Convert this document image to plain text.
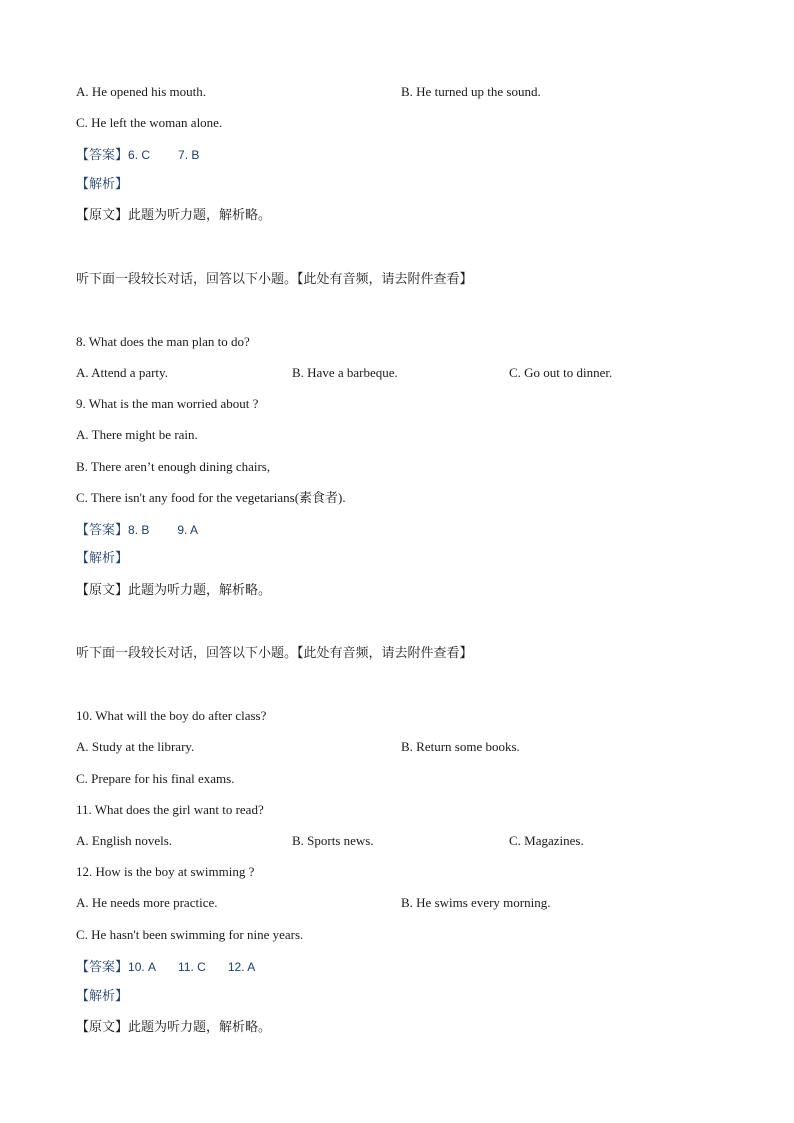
A. He opened his mouth.	B. He turned up the sound.
C. He left the woman alone.
【答案】6. C 7. B
【解析】
【原文】此题为听力题，解析略。
听下面一段较长对话，回答以下小题。【此处有音频，请去附件查看】
8. What does the man plan to do?
A. Attend a party.	B. Have a barbeque.	C. Go out to dinner.
9. What is the man worried about ?
A. There might be rain.
B. There aren’t enough dining chairs,
C. There isn't any food for the vegetarians(素食者).
【答案】8. B 9. A
【解析】
【原文】此题为听力题，解析略。
听下面一段较长对话，回答以下小题。【此处有音频，请去附件查看】
10. What will the boy do after class?
A. Study at the library.	B. Return some books.
C. Prepare for his final exams.
11. What does the girl want to read?
A. English novels.	B. Sports news.	C. Magazines.
12. How is the boy at swimming ?
A. He needs more practice.	B. He swims every morning.
C. He hasn't been swimming for nine years.
【答案】10. A 11. C 12. A
【解析】
【原文】此题为听力题，解析略。
